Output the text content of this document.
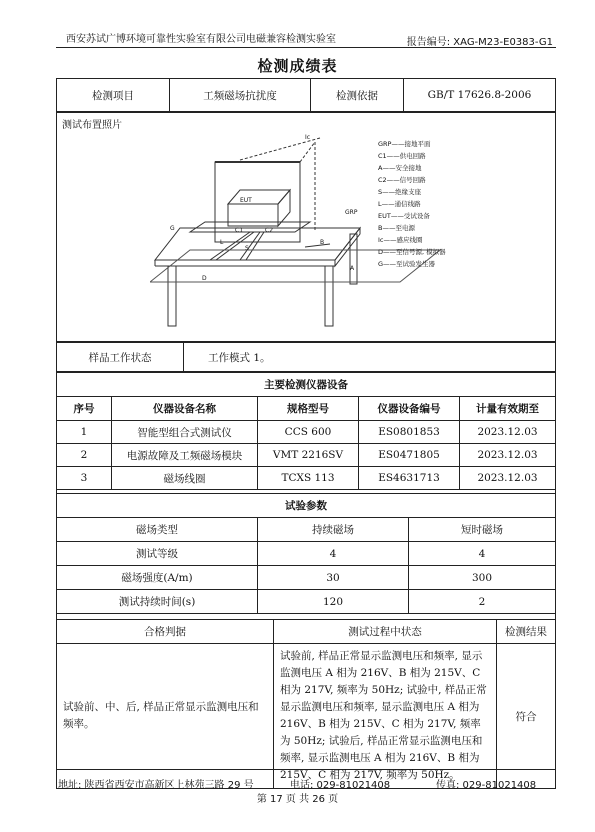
西安苏试广博环境可靠性实验室有限公司电磁兼容检测实验室	报告编号: XAG-M23-E0383-G1
检测成绩表
检测项目	工频磁场抗扰度	检测依据	GB/T 17626.8-2006
测试布置照片
Ic
EUT
C1	C2
L
S
A
B
D
G
GRP
GRP——接地平面
C1——供电回路
A——安全接地
C2——信号回路
S——绝缘支座
L——通信线路
EUT——受试设备
B——至电源
Ic——感应线圈
D——至信号源, 模拟器
G——至试验发生器
样品工作状态	工作模式 1。
主要检测仪器设备				
序号	仪器设备名称	规格型号	仪器设备编号	计量有效期至
1	智能型组合式测试仪	CCS 600	ES0801853	2023.12.03
2	电源故障及工频磁场模块	VMT 2216SV	ES0471805	2023.12.03
3	磁场线圈	TCXS 113	ES4631713	2023.12.03
试验参数		
磁场类型	持续磁场	短时磁场
测试等级	4	4
磁场强度(A/m)	30	300
测试持续时间(s)	120	2
合格判据	测试过程中状态	检测结果
试验前、中、后, 样品正常显示监测电压和频率。	试验前, 样品正常显示监测电压和频率, 显示监测电压 A 相为 216V、B 相为 215V、C 相为 217V, 频率为 50Hz; 试验中, 样品正常显示监测电压和频率, 显示监测电压 A 相为 216V、B 相为 215V、C 相为 217V, 频率为 50Hz; 试验后, 样品正常显示监测电压和频率, 显示监测电压 A 相为 216V、B 相为 215V、C 相为 217V, 频率为 50Hz。	符合
地址: 陕西省西安市高新区上林苑三路 29 号	电话: 029-81021408	传真: 029-81021408
第 17 页 共 26 页
